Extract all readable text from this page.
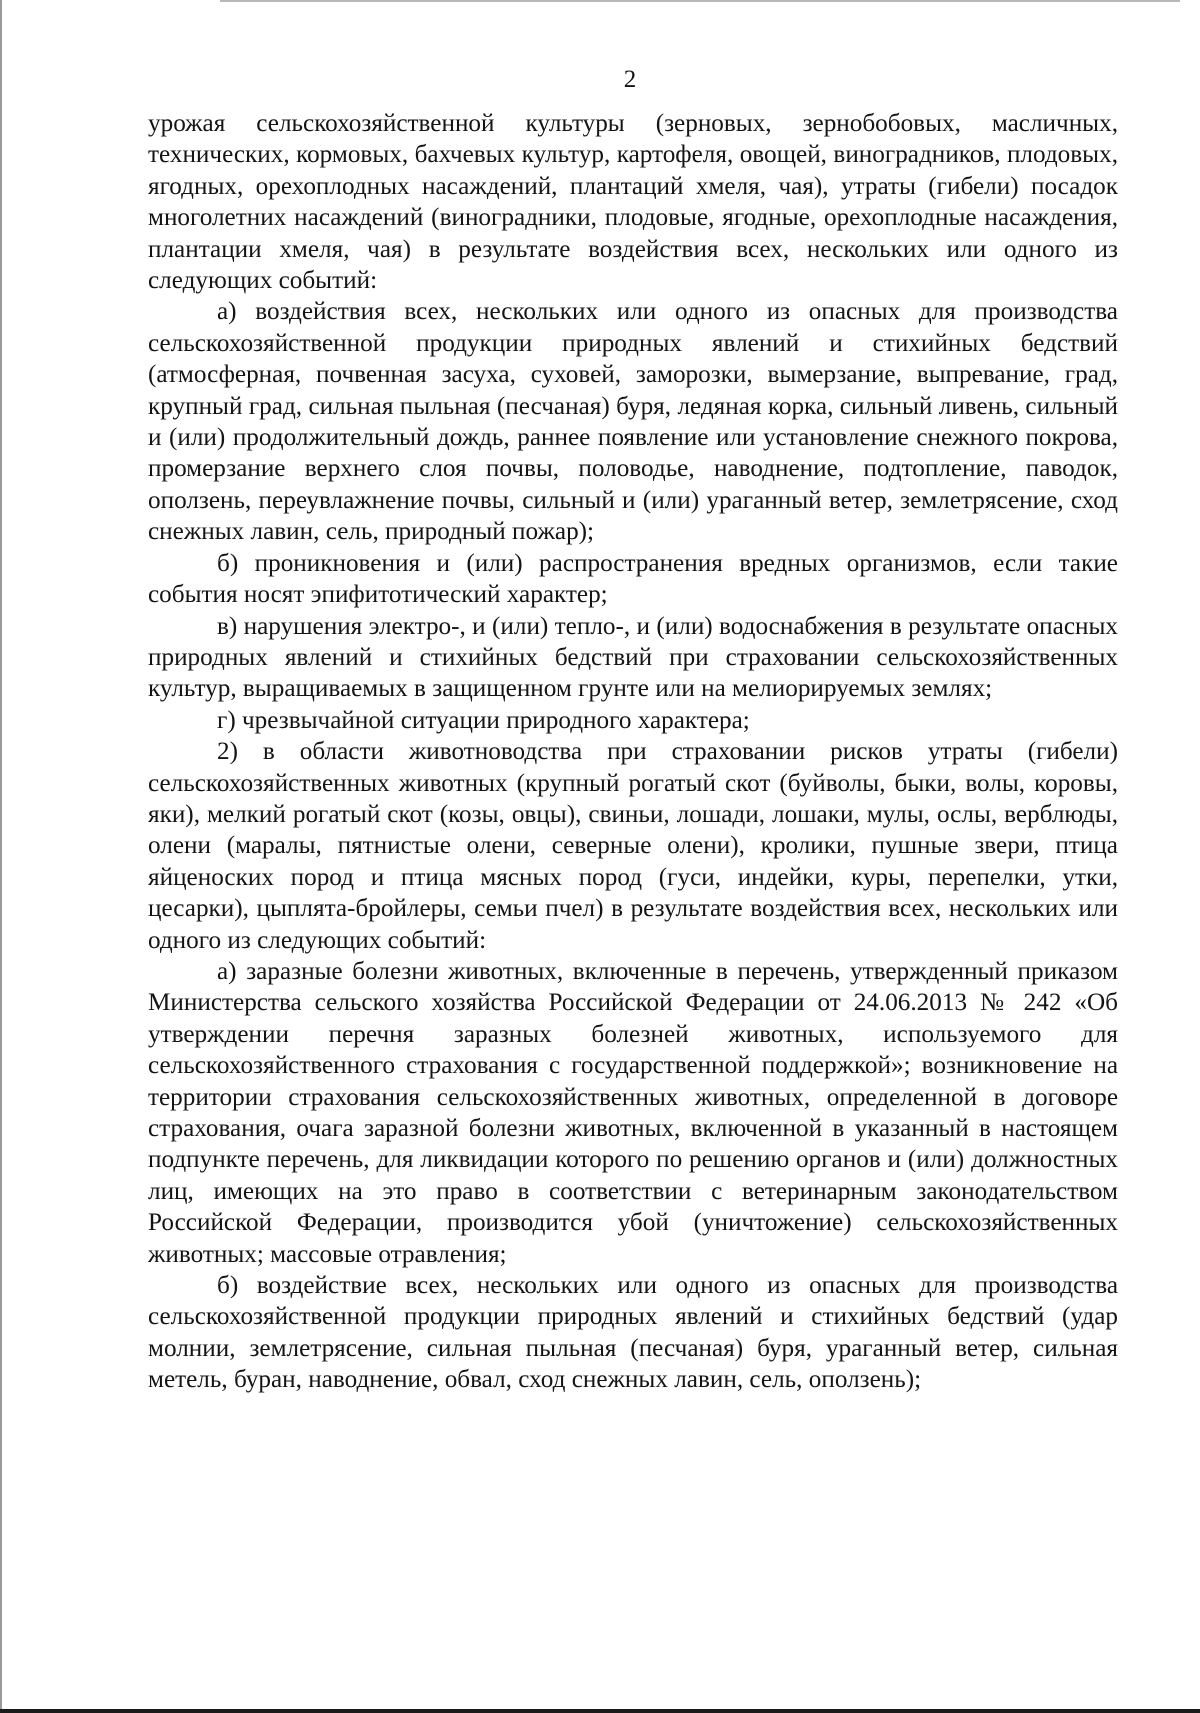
2

урожая сельскохозяйственной культуры (зерновых, зернобобовых, масличных, технических, кормовых, бахчевых культур, картофеля, овощей, виноградников, плодовых, ягодных, орехоплодных насаждений, плантаций хмеля, чая), утраты (гибели) посадок многолетних насаждений (виноградники, плодовые, ягодные, орехоплодные насаждения, плантации хмеля, чая) в результате воздействия всех, нескольких или одного из следующих событий:

а) воздействия всех, нескольких или одного из опасных для производства сельскохозяйственной продукции природных явлений и стихийных бедствий (атмосферная, почвенная засуха, суховей, заморозки, вымерзание, выпревание, град, крупный град, сильная пыльная (песчаная) буря, ледяная корка, сильный ливень, сильный и (или) продолжительный дождь, раннее появление или установление снежного покрова, промерзание верхнего слоя почвы, половодье, наводнение, подтопление, паводок, оползень, переувлажнение почвы, сильный и (или) ураганный ветер, землетрясение, сход снежных лавин, сель, природный пожар);

б) проникновения и (или) распространения вредных организмов, если такие события носят эпифитотический характер;

в) нарушения электро-, и (или) тепло-, и (или) водоснабжения в результате опасных природных явлений и стихийных бедствий при страховании сельскохозяйственных культур, выращиваемых в защищенном грунте или на мелиорируемых землях;

г) чрезвычайной ситуации природного характера;

2) в области животноводства при страховании рисков утраты (гибели) сельскохозяйственных животных (крупный рогатый скот (буйволы, быки, волы, коровы, яки), мелкий рогатый скот (козы, овцы), свиньи, лошади, лошаки, мулы, ослы, верблюды, олени (маралы, пятнистые олени, северные олени), кролики, пушные звери, птица яйценоских пород и птица мясных пород (гуси, индейки, куры, перепелки, утки, цесарки), цыплята-бройлеры, семьи пчел) в результате воздействия всех, нескольких или одного из следующих событий:

а) заразные болезни животных, включенные в перечень, утвержденный приказом Министерства сельского хозяйства Российской Федерации от 24.06.2013 № 242 «Об утверждении перечня заразных болезней животных, используемого для сельскохозяйственного страхования с государственной поддержкой»; возникновение на территории страхования сельскохозяйственных животных, определенной в договоре страхования, очага заразной болезни животных, включенной в указанный в настоящем подпункте перечень, для ликвидации которого по решению органов и (или) должностных лиц, имеющих на это право в соответствии с ветеринарным законодательством Российской Федерации, производится убой (уничтожение) сельскохозяйственных животных; массовые отравления;

б) воздействие всех, нескольких или одного из опасных для производства сельскохозяйственной продукции природных явлений и стихийных бедствий (удар молнии, землетрясение, сильная пыльная (песчаная) буря, ураганный ветер, сильная метель, буран, наводнение, обвал, сход снежных лавин, сель, оползень);
